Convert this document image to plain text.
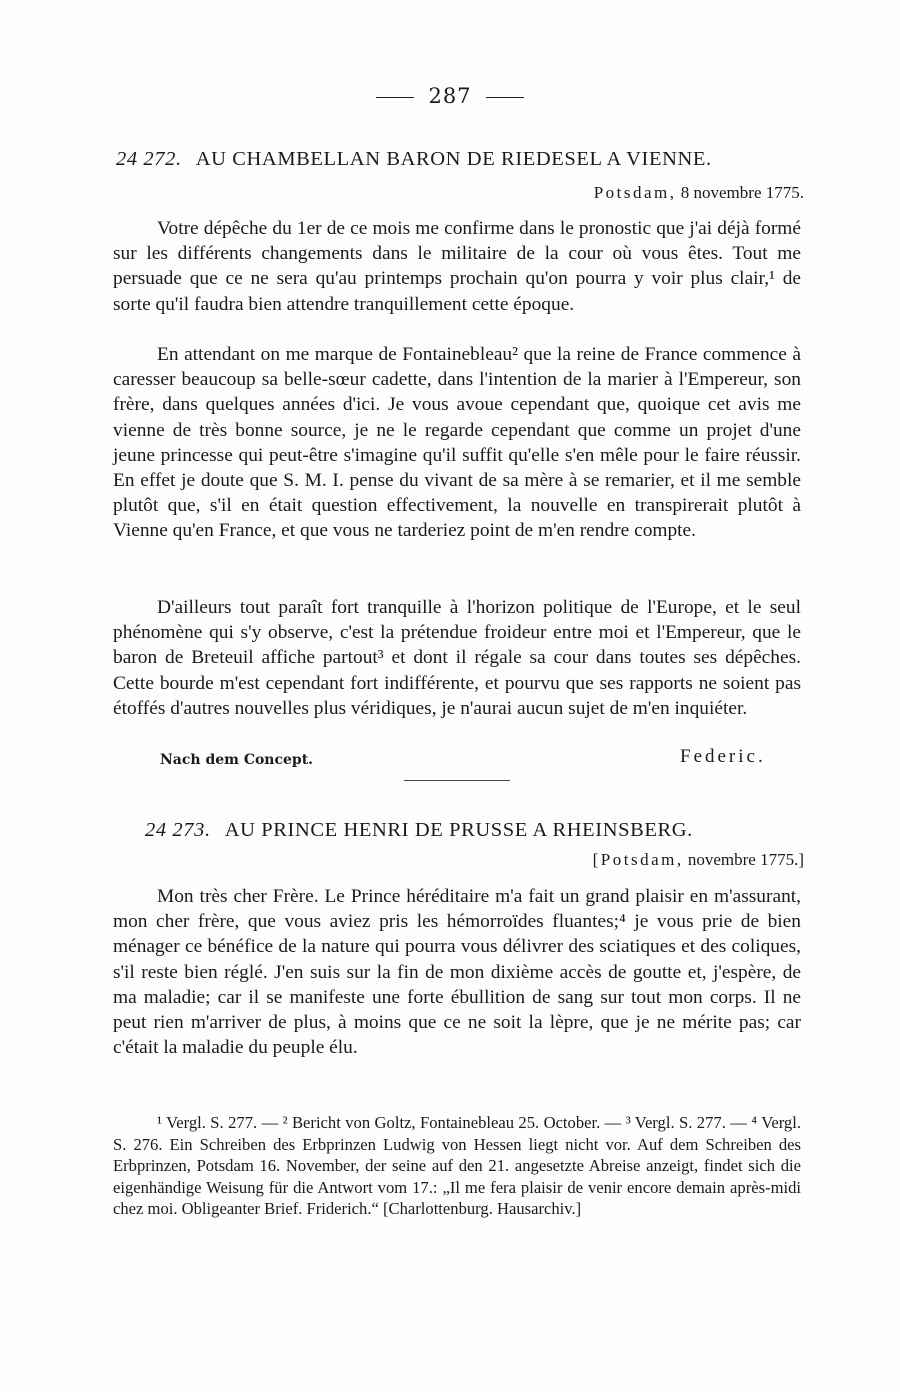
287
24 272. AU CHAMBELLAN BARON DE RIEDESEL A VIENNE.
Potsdam, 8 novembre 1775.
Votre dépêche du 1er de ce mois me confirme dans le pronostic que j'ai déjà formé sur les différents changements dans le militaire de la cour où vous êtes. Tout me persuade que ce ne sera qu'au printemps prochain qu'on pourra y voir plus clair,¹ de sorte qu'il faudra bien attendre tranquillement cette époque.
En attendant on me marque de Fontainebleau² que la reine de France commence à caresser beaucoup sa belle-sœur cadette, dans l'intention de la marier à l'Empereur, son frère, dans quelques années d'ici. Je vous avoue cependant que, quoique cet avis me vienne de très bonne source, je ne le regarde cependant que comme un projet d'une jeune princesse qui peut-être s'imagine qu'il suffit qu'elle s'en mêle pour le faire réussir. En effet je doute que S. M. I. pense du vivant de sa mère à se remarier, et il me semble plutôt que, s'il en était question effectivement, la nouvelle en transpirerait plutôt à Vienne qu'en France, et que vous ne tarderiez point de m'en rendre compte.
D'ailleurs tout paraît fort tranquille à l'horizon politique de l'Europe, et le seul phénomène qui s'y observe, c'est la prétendue froideur entre moi et l'Empereur, que le baron de Breteuil affiche partout³ et dont il régale sa cour dans toutes ses dépêches. Cette bourde m'est cependant fort indifférente, et pourvu que ses rapports ne soient pas étoffés d'autres nouvelles plus véridiques, je n'aurai aucun sujet de m'en inquiéter.
Nach dem Concept.	Federic.
24 273. AU PRINCE HENRI DE PRUSSE A RHEINSBERG.
[Potsdam, novembre 1775.]
Mon très cher Frère. Le Prince héréditaire m'a fait un grand plaisir en m'assurant, mon cher frère, que vous aviez pris les hémorroïdes fluantes;⁴ je vous prie de bien ménager ce bénéfice de la nature qui pourra vous délivrer des sciatiques et des coliques, s'il reste bien réglé. J'en suis sur la fin de mon dixième accès de goutte et, j'espère, de ma maladie; car il se manifeste une forte ébullition de sang sur tout mon corps. Il ne peut rien m'arriver de plus, à moins que ce ne soit la lèpre, que je ne mérite pas; car c'était la maladie du peuple élu.
¹ Vergl. S. 277. — ² Bericht von Goltz, Fontainebleau 25. October. — ³ Vergl. S. 277. — ⁴ Vergl. S. 276. Ein Schreiben des Erbprinzen Ludwig von Hessen liegt nicht vor. Auf dem Schreiben des Erbprinzen, Potsdam 16. November, der seine auf den 21. angesetzte Abreise anzeigt, findet sich die eigenhändige Weisung für die Antwort vom 17.: „Il me fera plaisir de venir encore demain après-midi chez moi. Obligeanter Brief. Friderich.“ [Charlottenburg. Hausarchiv.]
